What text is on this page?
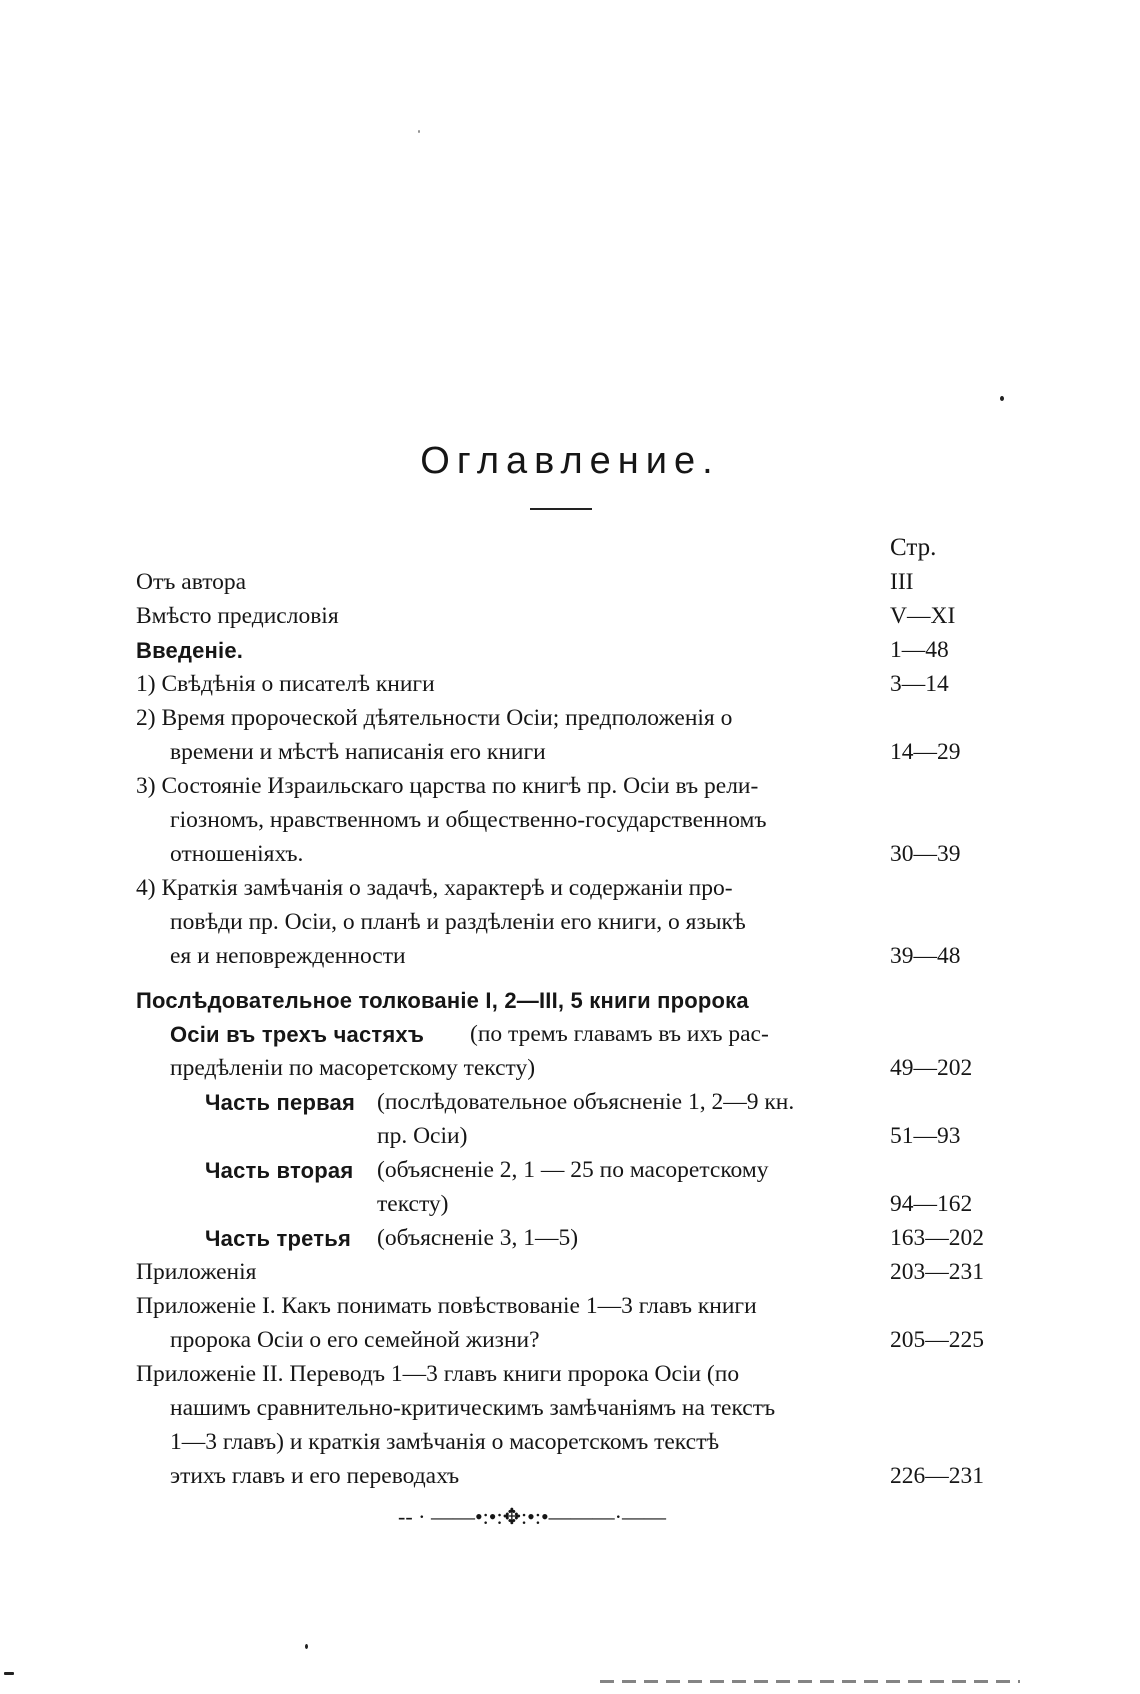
Оглавление.
Стр.
Отъ автора	III
Вмѣсто предисловія	V—XI
Введеніе.	1—48
1) Свѣдѣнія о писателѣ книги	3—14
2) Время пророческой дѣятельности Осіи; предположенія о
времени и мѣстѣ написанія его книги	14—29
3) Состояніе Израильскаго царства по книгѣ пр. Осіи въ рели-
гіозномъ, нравственномъ и общественно-государственномъ
отношеніяхъ.	30—39
4) Краткія замѣчанія о задачѣ, характерѣ и содержаніи про-
повѣди пр. Осіи, о планѣ и раздѣленіи его книги, о языкѣ
ея и неповрежденности	39—48
Послѣдовательное толкованіе I, 2—III, 5 книги пророка
Осіи въ трехъ частяхъ (по тремъ главамъ въ ихъ рас-
предѣленіи по масоретскому тексту)	49—202
Часть первая (послѣдовательное объясненіе 1, 2—9 кн.
пр. Осіи)	51—93
Часть вторая (объясненіе 2, 1 — 25 по масоретскому
тексту)	94—162
Часть третья (объясненіе 3, 1—5)	163—202
Приложенія	203—231
Приложеніе I. Какъ понимать повѣствованіе 1—3 главъ книги
пророка Осіи о его семейной жизни?	205—225
Приложеніе II. Переводъ 1—3 главъ книги пророка Осіи (по
нашимъ сравнительно-критическимъ замѣчаніямъ на текстъ
1—3 главъ) и краткія замѣчанія о масоретскомъ текстѣ
этихъ главъ и его переводахъ	226—231
-- · ——•:•:✥:•:•———·——
